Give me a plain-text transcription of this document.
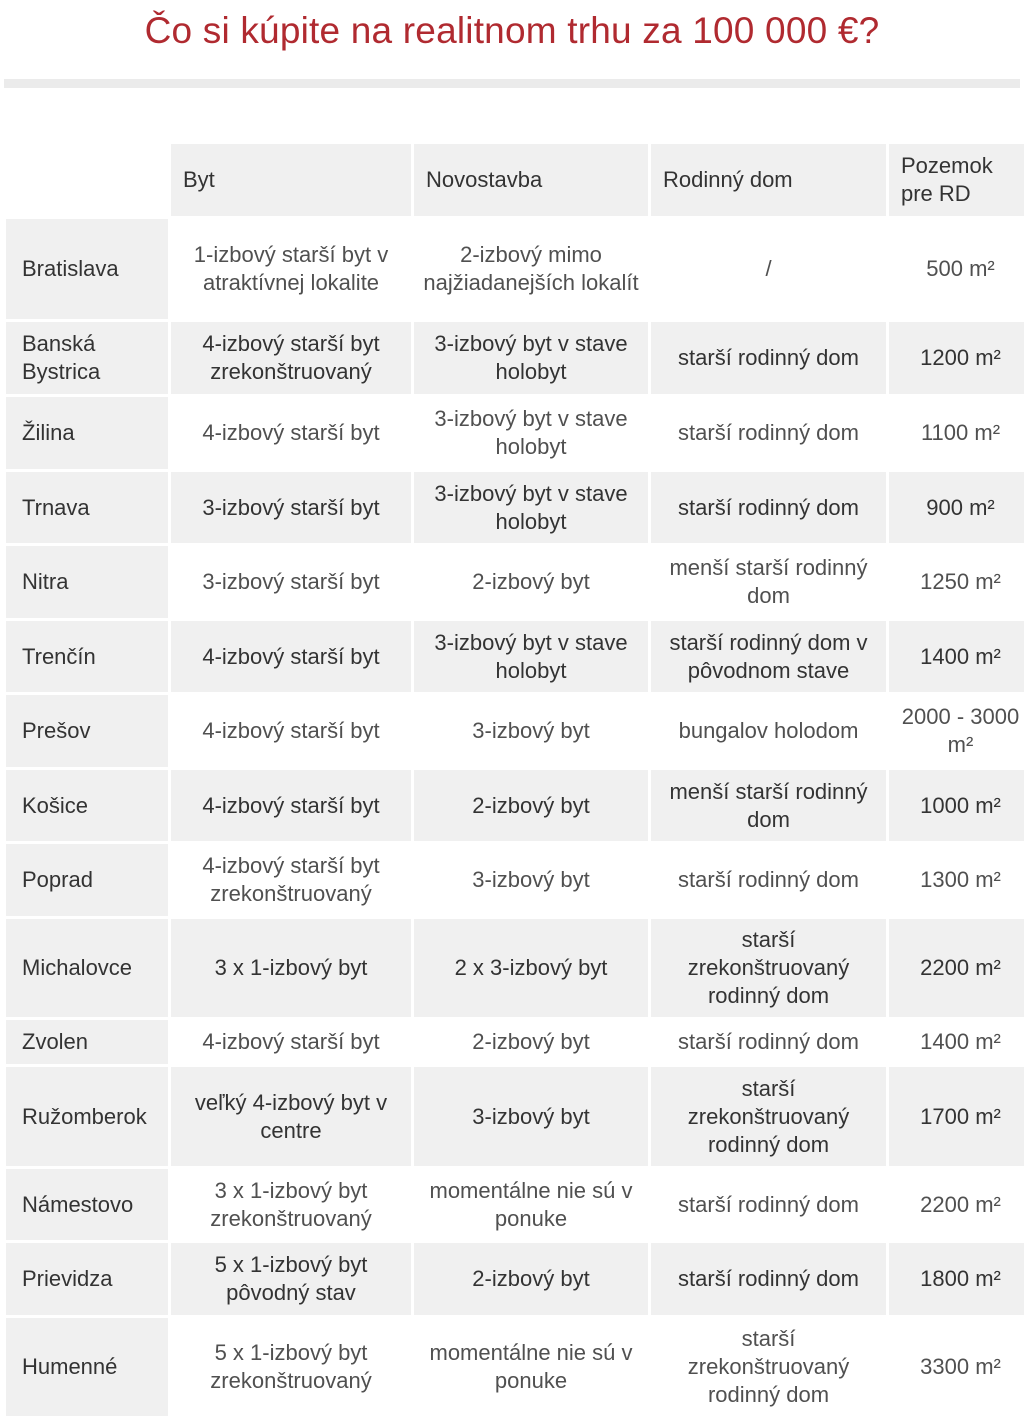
Čo si kúpite na realitnom trhu za 100 000 €?
	Byt	Novostavba	Rodinný dom	Pozemok pre RD
Bratislava	1-izbový starší byt v atraktívnej lokalite	2-izbový mimo najžiadanejších lokalít	/	500 m²
Banská Bystrica	4-izbový starší byt zrekonštruovaný	3-izbový byt v stave holobyt	starší rodinný dom	1200 m²
Žilina	4-izbový starší byt	3-izbový byt v stave holobyt	starší rodinný dom	1100 m²
Trnava	3-izbový starší byt	3-izbový byt v stave holobyt	starší rodinný dom	900 m²
Nitra	3-izbový starší byt	2-izbový byt	menší starší rodinný dom	1250 m²
Trenčín	4-izbový starší byt	3-izbový byt v stave holobyt	starší rodinný dom v pôvodnom stave	1400 m²
Prešov	4-izbový starší byt	3-izbový byt	bungalov holodom	2000 - 3000 m²
Košice	4-izbový starší byt	2-izbový byt	menší starší rodinný dom	1000 m²
Poprad	4-izbový starší byt zrekonštruovaný	3-izbový byt	starší rodinný dom	1300 m²
Michalovce	3 x 1-izbový byt	2 x 3-izbový byt	starší zrekonštruovaný rodinný dom	2200 m²
Zvolen	4-izbový starší byt	2-izbový byt	starší rodinný dom	1400 m²
Ružomberok	veľký 4-izbový byt v centre	3-izbový byt	starší zrekonštruovaný rodinný dom	1700 m²
Námestovo	3 x 1-izbový byt zrekonštruovaný	momentálne nie sú v ponuke	starší rodinný dom	2200 m²
Prievidza	5 x 1-izbový byt pôvodný stav	2-izbový byt	starší rodinný dom	1800 m²
Humenné	5 x 1-izbový byt zrekonštruovaný	momentálne nie sú v ponuke	starší zrekonštruovaný rodinný dom	3300 m²
